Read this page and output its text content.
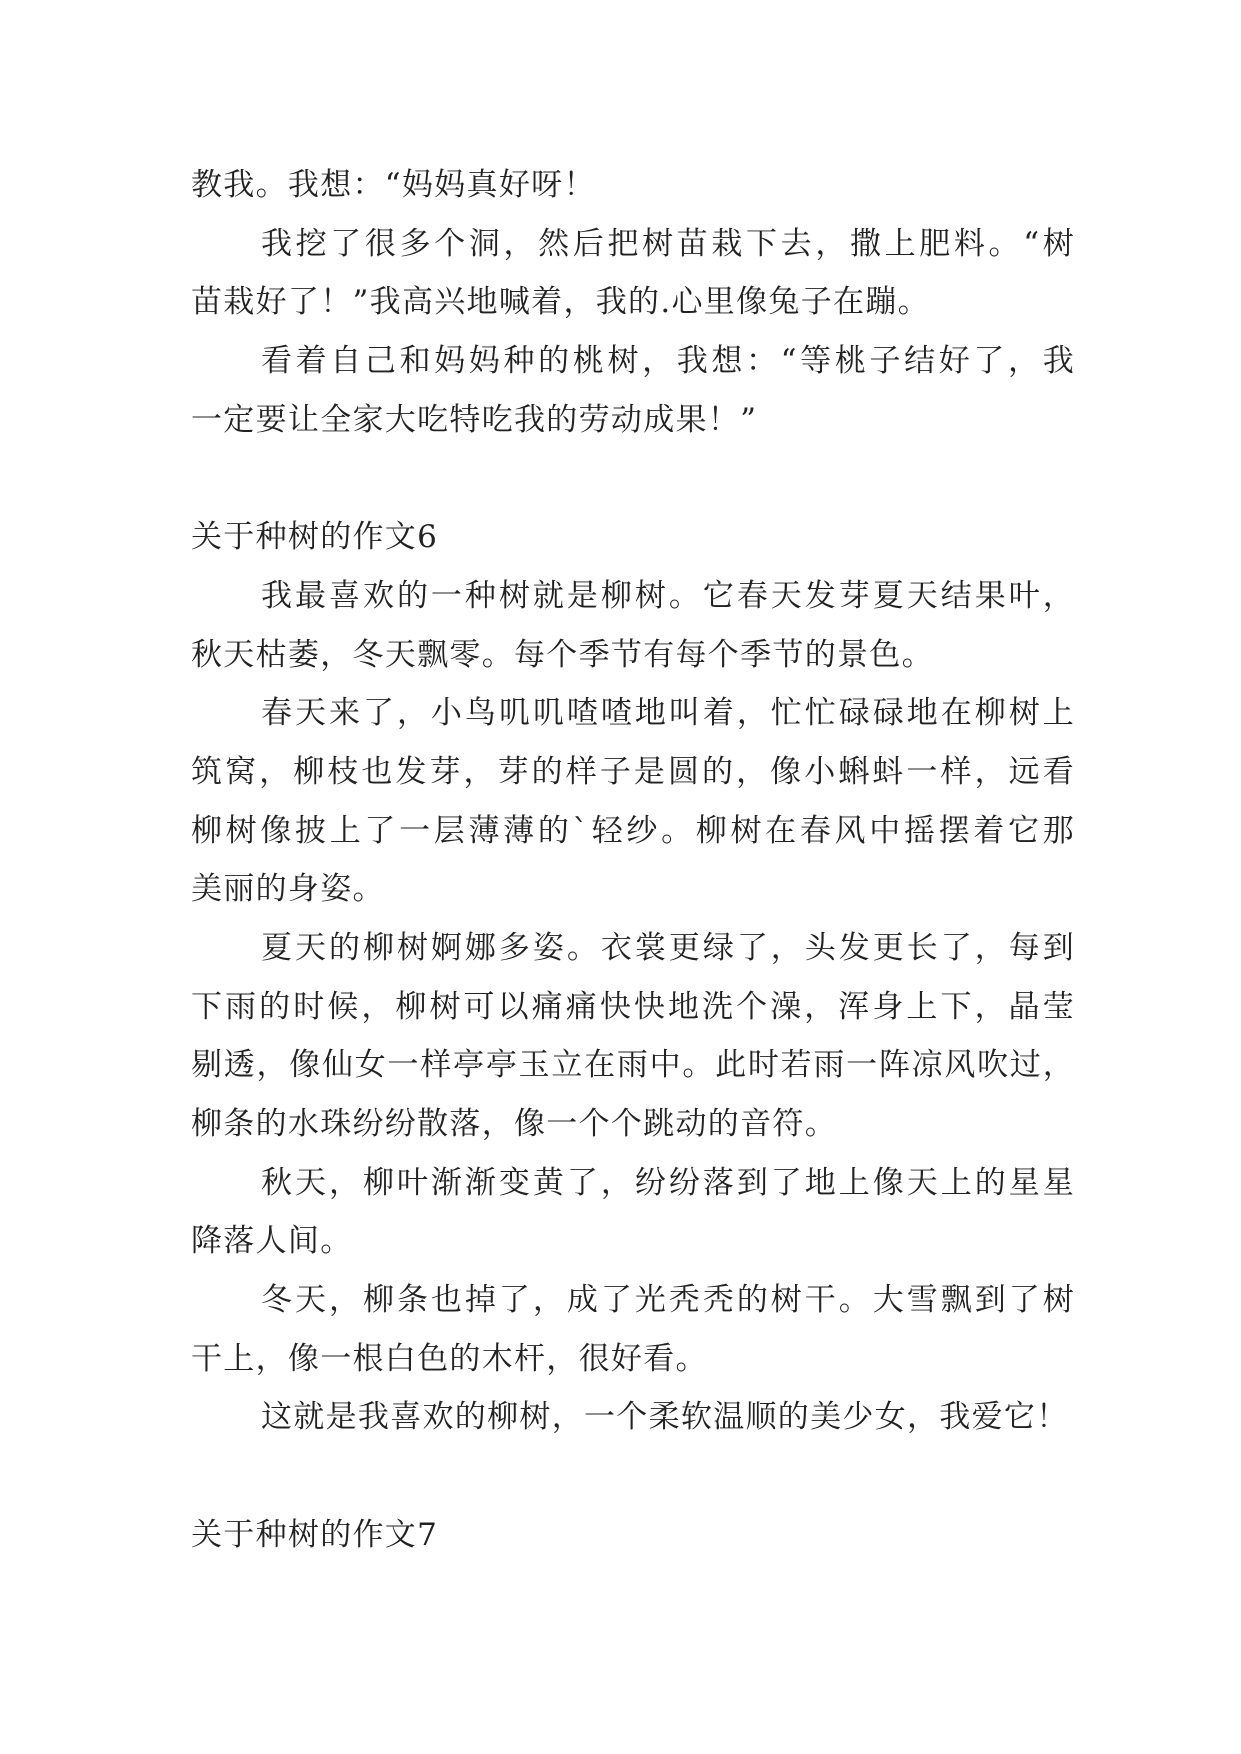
教我。我想：“妈妈真好呀！
我挖了很多个洞，然后把树苗栽下去，撒上肥料。“树
苗栽好了！”我高兴地喊着，我的.心里像兔子在蹦。
看着自己和妈妈种的桃树，我想：“等桃子结好了，我
一定要让全家大吃特吃我的劳动成果！”
关于种树的作文6
我最喜欢的一种树就是柳树。它春天发芽夏天结果叶，
秋天枯萎，冬天飘零。每个季节有每个季节的景色。
春天来了，小鸟叽叽喳喳地叫着，忙忙碌碌地在柳树上
筑窝，柳枝也发芽，芽的样子是圆的，像小蝌蚪一样，远看
柳树像披上了一层薄薄的`轻纱。柳树在春风中摇摆着它那
美丽的身姿。
夏天的柳树婀娜多姿。衣裳更绿了，头发更长了，每到
下雨的时候，柳树可以痛痛快快地洗个澡，浑身上下，晶莹
剔透，像仙女一样亭亭玉立在雨中。此时若雨一阵凉风吹过，
柳条的水珠纷纷散落，像一个个跳动的音符。
秋天，柳叶渐渐变黄了，纷纷落到了地上像天上的星星
降落人间。
冬天，柳条也掉了，成了光秃秃的树干。大雪飘到了树
干上，像一根白色的木杆，很好看。
这就是我喜欢的柳树，一个柔软温顺的美少女，我爱它！
关于种树的作文7
